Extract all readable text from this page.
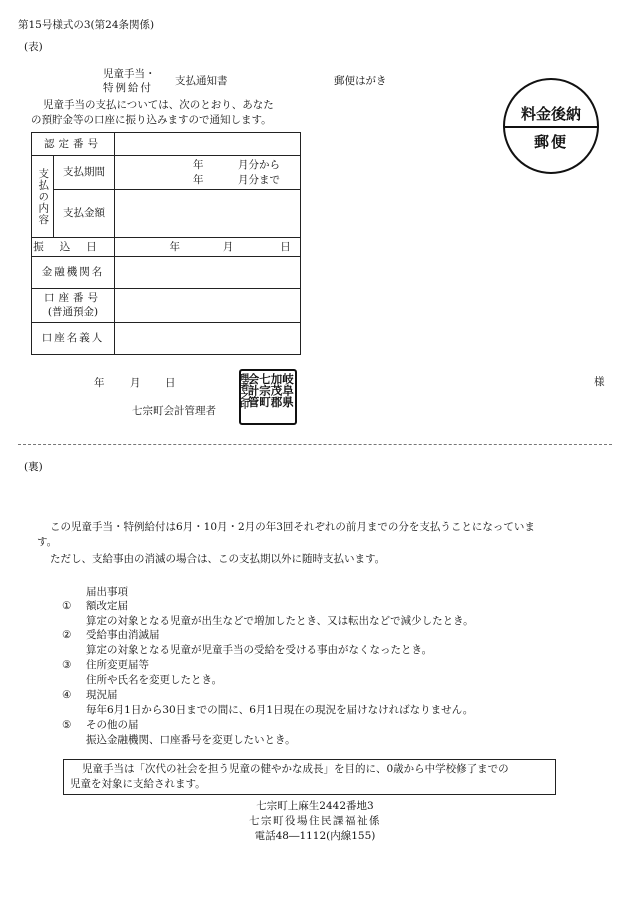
第15号様式の3(第24条関係)
(表)
児童手当・
特例給付
支払通知書	郵便はがき
料金後納
郵便
児童手当の支払については、次のとおり、あなた
の預貯金等の口座に振り込みますので通知します。
認定番号		

支払の内容	支払期間	年 月分から
年 月分まで

	支払金額	
振込日		年 月 日
金融機関名		

口座番号
(普通預金)		

口座名義人		
年 月 日
七宗町会計管理者
様
岐阜県
加茂郡
七宗町
会計管
理者之印
(裏)
この児童手当・特例給付は6月・10月・2月の年3回それぞれの前月までの分を支払うことになっていま
す。
ただし、支給事由の消滅の場合は、この支払期以外に随時支払います。
届出事項
① 額改定届
算定の対象となる児童が出生などで増加したとき、又は転出などで減少したとき。
② 受給事由消滅届
算定の対象となる児童が児童手当の受給を受ける事由がなくなったとき。
③ 住所変更届等
住所や氏名を変更したとき。
④ 現況届
毎年6月1日から30日までの間に、6月1日現在の現況を届けなければなりません。
⑤ その他の届
振込金融機関、口座番号を変更したいとき。
児童手当は「次代の社会を担う児童の健やかな成長」を目的に、0歳から中学校修了までの
児童を対象に支給されます。
七宗町上麻生2442番地3
七宗町役場住民課福祉係
電話48―1112(内線155)
